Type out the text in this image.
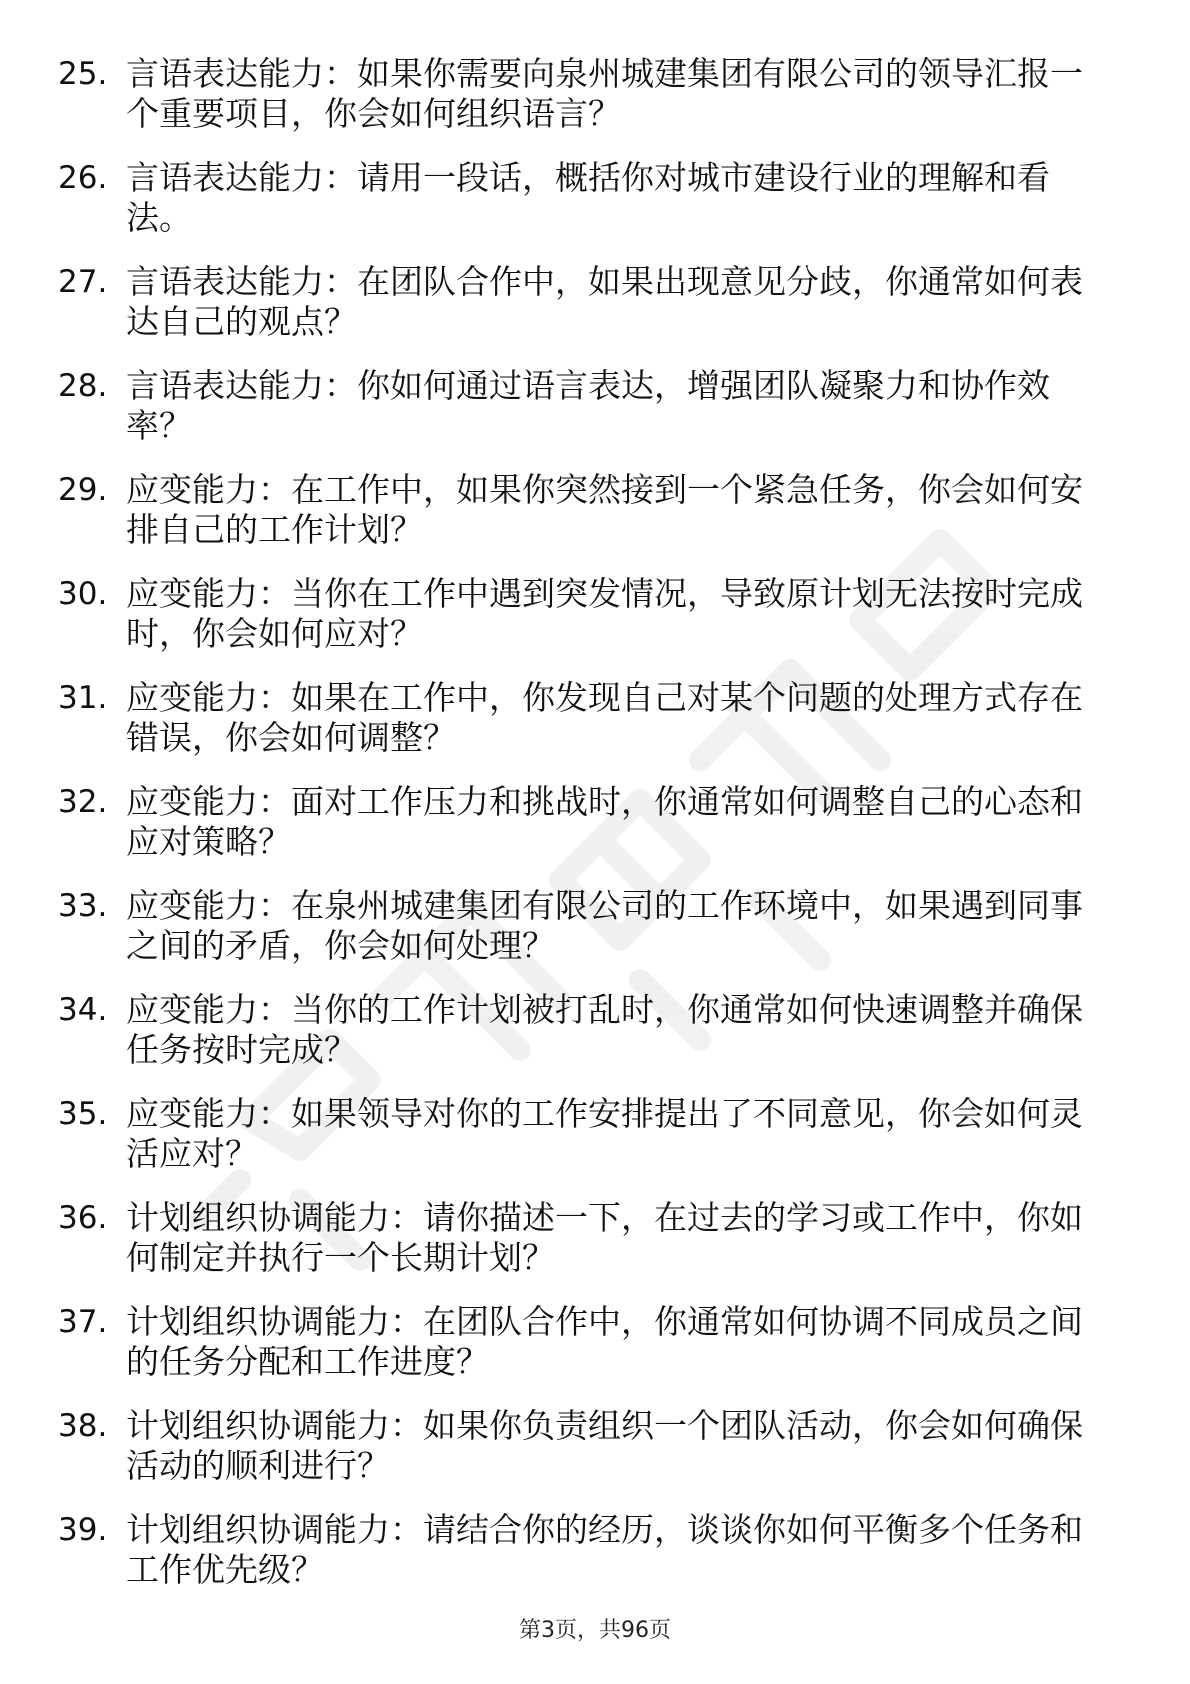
25. 言语表达能力：如果你需要向泉州城建集团有限公司的领导汇报一个重要项目，你会如何组织语言？
26. 言语表达能力：请用一段话，概括你对城市建设行业的理解和看法。
27. 言语表达能力：在团队合作中，如果出现意见分歧，你通常如何表达自己的观点？
28. 言语表达能力：你如何通过语言表达，增强团队凝聚力和协作效率？
29. 应变能力：在工作中，如果你突然接到一个紧急任务，你会如何安排自己的工作计划？
30. 应变能力：当你在工作中遇到突发情况，导致原计划无法按时完成时，你会如何应对？
31. 应变能力：如果在工作中，你发现自己对某个问题的处理方式存在错误，你会如何调整？
32. 应变能力：面对工作压力和挑战时，你通常如何调整自己的心态和应对策略？
33. 应变能力：在泉州城建集团有限公司的工作环境中，如果遇到同事之间的矛盾，你会如何处理？
34. 应变能力：当你的工作计划被打乱时，你通常如何快速调整并确保任务按时完成？
35. 应变能力：如果领导对你的工作安排提出了不同意见，你会如何灵活应对？
36. 计划组织协调能力：请你描述一下，在过去的学习或工作中，你如何制定并执行一个长期计划？
37. 计划组织协调能力：在团队合作中，你通常如何协调不同成员之间的任务分配和工作进度？
38. 计划组织协调能力：如果你负责组织一个团队活动，你会如何确保活动的顺利进行？
39. 计划组织协调能力：请结合你的经历，谈谈你如何平衡多个任务和工作优先级？
第3页，共96页
